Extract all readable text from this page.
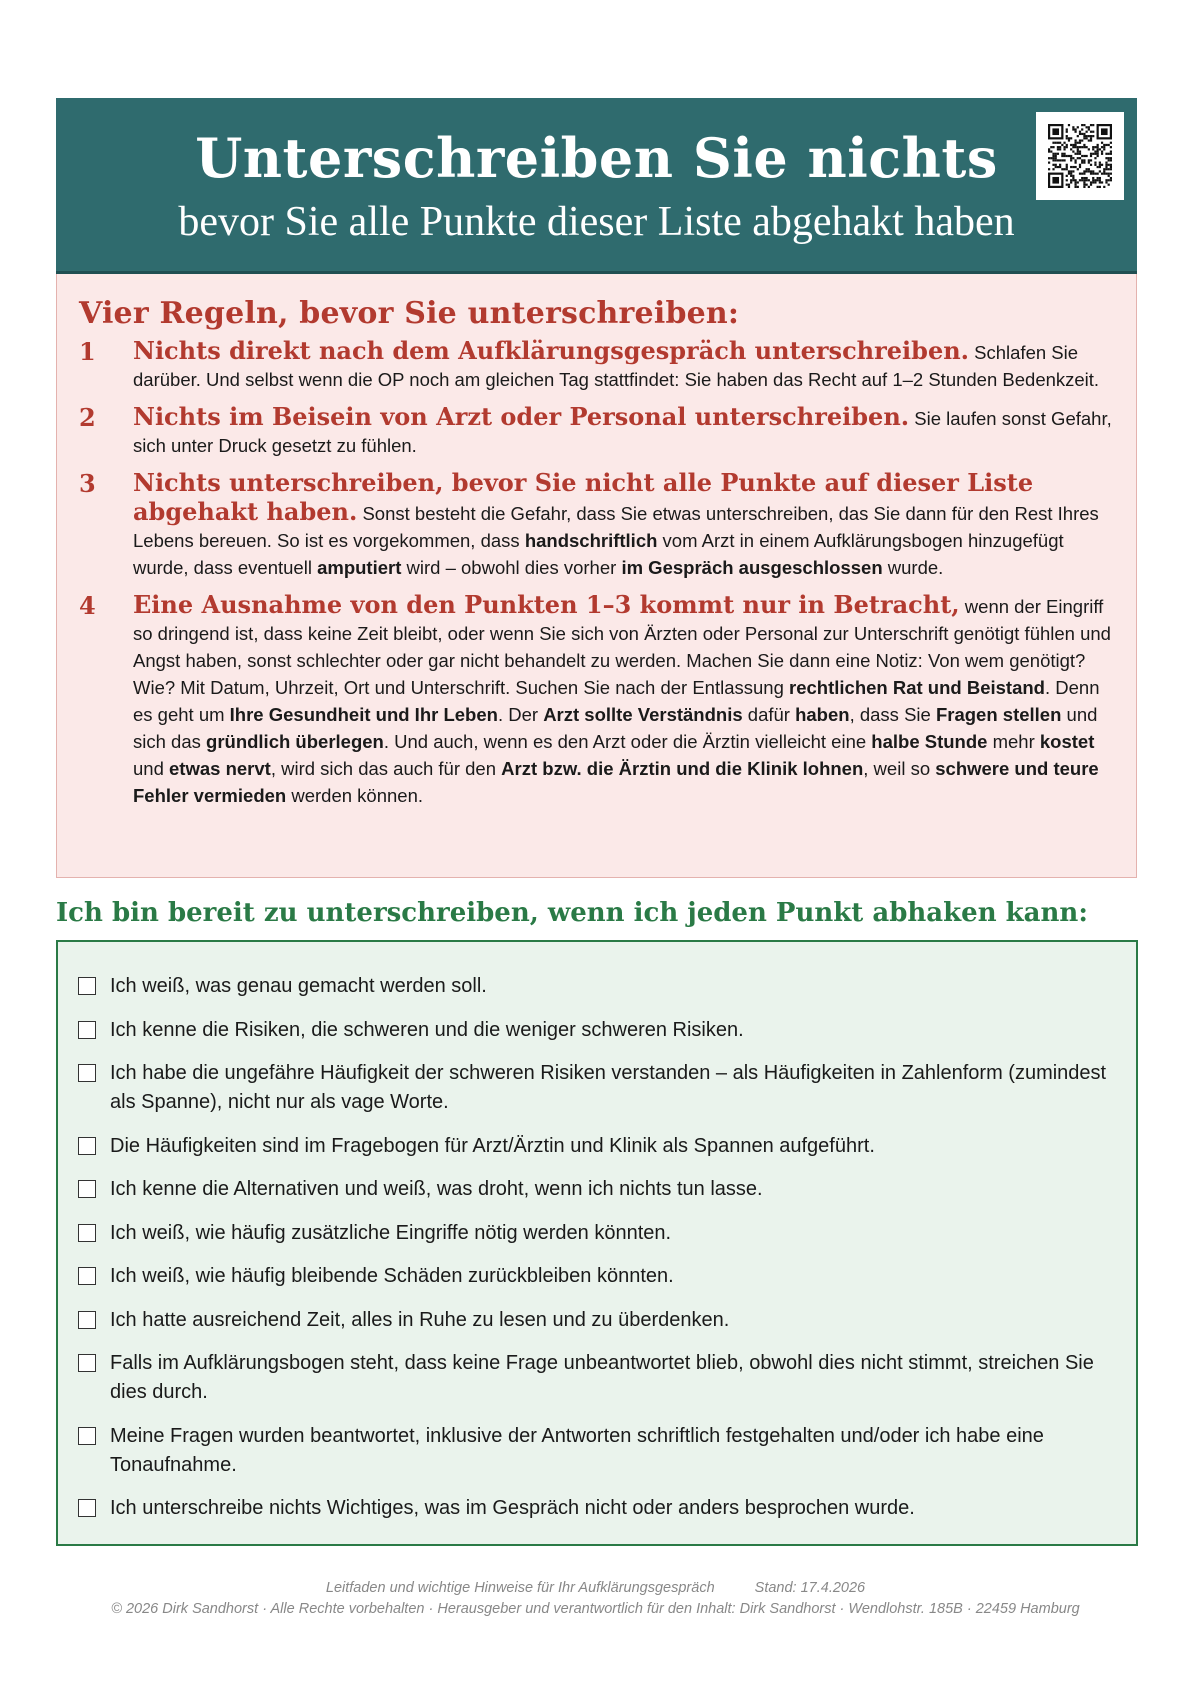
Unterschreiben Sie nichts
bevor Sie alle Punkte dieser Liste abgehakt haben
Vier Regeln, bevor Sie unterschreiben:
1 Nichts direkt nach dem Aufklärungsgespräch unterschreiben. Schlafen Sie darüber. Und selbst wenn die OP noch am gleichen Tag stattfindet: Sie haben das Recht auf 1–2 Stunden Bedenkzeit.
2 Nichts im Beisein von Arzt oder Personal unterschreiben. Sie laufen sonst Gefahr, sich unter Druck gesetzt zu fühlen.
3 Nichts unterschreiben, bevor Sie nicht alle Punkte auf dieser Liste abgehakt haben. Sonst besteht die Gefahr, dass Sie etwas unterschreiben, das Sie dann für den Rest Ihres Lebens bereuen. So ist es vorgekommen, dass handschriftlich vom Arzt in einem Aufklärungsbogen hinzugefügt wurde, dass eventuell amputiert wird – obwohl dies vorher im Gespräch ausgeschlossen wurde.
4 Eine Ausnahme von den Punkten 1–3 kommt nur in Betracht, wenn der Eingriff so dringend ist, dass keine Zeit bleibt, oder wenn Sie sich von Ärzten oder Personal zur Unterschrift genötigt fühlen und Angst haben, sonst schlechter oder gar nicht behandelt zu werden. Machen Sie dann eine Notiz: Von wem genötigt? Wie? Mit Datum, Uhrzeit, Ort und Unterschrift. Suchen Sie nach der Entlassung rechtlichen Rat und Beistand. Denn es geht um Ihre Gesundheit und Ihr Leben. Der Arzt sollte Verständnis dafür haben, dass Sie Fragen stellen und sich das gründlich überlegen. Und auch, wenn es den Arzt oder die Ärztin vielleicht eine halbe Stunde mehr kostet und etwas nervt, wird sich das auch für den Arzt bzw. die Ärztin und die Klinik lohnen, weil so schwere und teure Fehler vermieden werden können.
Ich bin bereit zu unterschreiben, wenn ich jeden Punkt abhaken kann:
Ich weiß, was genau gemacht werden soll.
Ich kenne die Risiken, die schweren und die weniger schweren Risiken.
Ich habe die ungefähre Häufigkeit der schweren Risiken verstanden – als Häufigkeiten in Zahlenform (zumindest als Spanne), nicht nur als vage Worte.
Die Häufigkeiten sind im Fragebogen für Arzt/Ärztin und Klinik als Spannen aufgeführt.
Ich kenne die Alternativen und weiß, was droht, wenn ich nichts tun lasse.
Ich weiß, wie häufig zusätzliche Eingriffe nötig werden könnten.
Ich weiß, wie häufig bleibende Schäden zurückbleiben könnten.
Ich hatte ausreichend Zeit, alles in Ruhe zu lesen und zu überdenken.
Falls im Aufklärungsbogen steht, dass keine Frage unbeantwortet blieb, obwohl dies nicht stimmt, streichen Sie dies durch.
Meine Fragen wurden beantwortet, inklusive der Antworten schriftlich festgehalten und/oder ich habe eine Tonaufnahme.
Ich unterschreibe nichts Wichtiges, was im Gespräch nicht oder anders besprochen wurde.
Leitfaden und wichtige Hinweise für Ihr Aufklärungsgespräch	Stand: 17.4.2026
© 2026 Dirk Sandhorst · Alle Rechte vorbehalten · Herausgeber und verantwortlich für den Inhalt: Dirk Sandhorst · Wendlohstr. 185B · 22459 Hamburg
